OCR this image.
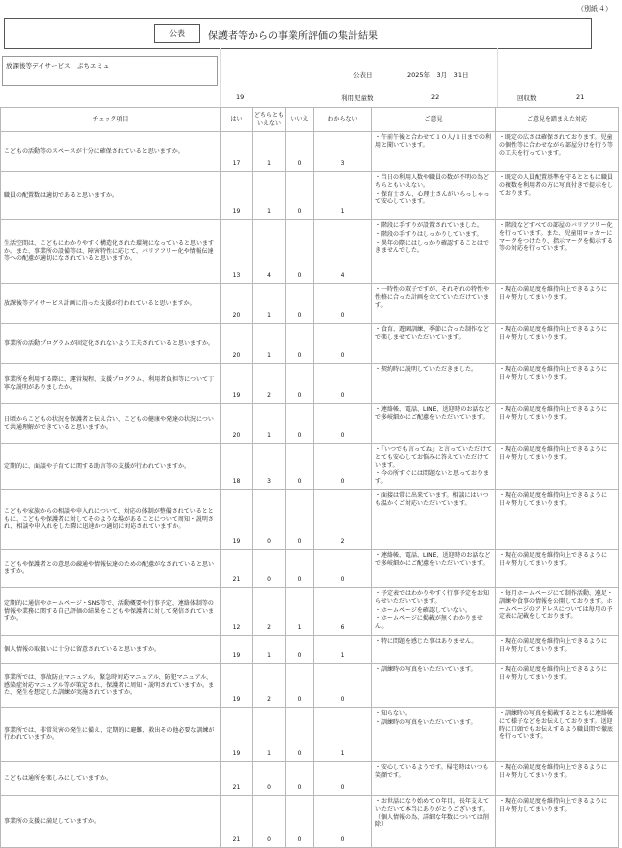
（別紙４）
公表	保護者等からの事業所評価の集計結果
放課後等デイサービス　ぷちエミュ
公表日	2025年　3月　31日
19	利用児童数	22	回収数	21
チェック項目	はい	どちらとも
いえない	いいえ	わからない	ご意見	ご意見を踏まえた対応
こどもの活動等のスペースが十分に確保されていると思いますか。	17	1	0	3	・午前午後と合わせて１０人/１日までの利用と聞いています。	・既定の広さは確保されております。児童の個性等に合わせながら部屋分けを行う等の工夫を行っています。

職員の配置数は適切であると思いますか。	19	1	0	1	・当日の利用人数や職員の数が不明の為どちらともいえない。
・保育士さん、心理士さんがいらっしゃって安心しています。	・既定の人員配置基準を守るとともに職員の複数を利用者の方に写真付きで提示をしております。

生活空間は、こどもにわかりやすく構造化された環境になっていると思いますか。また、事業所の設備等は、障害特性に応じて、バリアフリー化や情報伝達等への配慮が適切になされていると思いますか。	13	4	0	4	・階段に手すりが設置されていました。
・階段の手すりはしっかりしています。
・異年の際にはしっかり確認することはできませんでした。	・階段などすべての部屋のバリアフリー化を行っています。また、児童用ロッカーにマークをつけたり、指示マークを掲示する等の対応を行っています。

放課後等デイサービス計画に沿った支援が行われていると思いますか。	20	1	0	0	・一時性の双子ですが、それぞれの特性や性格に合った計画を立てていただけています。	・現在の満足度を維持向上できるように日々努力してまいります。

事業所の活動プログラムが固定化されないよう工夫されていると思いますか。	20	1	0	0	・食育、遊園訓練、季節に合った制作などで楽しませていただいています。	・現在の満足度を維持向上できるように日々努力してまいります。

事業所を利用する際に、運営規程、支援プログラム、利用者負担等について丁寧な説明がありましたか。	19	2	0	0	・契約時に説明していただきました。	・現在の満足度を維持向上できるように日々努力してまいります。

日頃からこどもの状況を保護者と伝え合い、こどもの健康や発達の状況について共通理解ができていると思いますか。	20	1	0	0	・連絡帳、電話、LINE、送迎時のお話などで多岐細かにご配慮をいただいています。	・現在の満足度を維持向上できるように日々努力してまいります。

定期的に、面談や子育てに関する助言等の支援が行われていますか。	18	3	0	0	・「いつでも言ってね」と言っていただけてとても安心してお悩みに答えていただけています。
・今の所すぐには問題ないと思っております。	・現在の満足度を維持向上できるように日々努力してまいります。

こどもや家族からの相談や申入れについて、対応の体制が整備されているとともに、こどもや保護者に対してそのような場があることについて周知・説明され、相談や申入れをした際に迅速かつ適切に対応されていますか。	19	0	0	2	・面接は常に出来ています。相談にはいつも温かくご対応いただいています。	・現在の満足度を維持向上できるように日々努力してまいります。

こどもや保護者との意思の疎通や情報伝達のための配慮がなされていると思いますか。	21	0	0	0	・連絡帳、電話、LINE、送迎時のお話などで多岐細かにご配慮をいただいています。	・現在の満足度を維持向上できるように日々努力してまいります。

定期的に通信やホームページ・SNS等で、活動概要や行事予定、連絡体制等の情報や業務に関する自己評価の結果をこどもや保護者に対して発信されていますか。	12	2	1	6	・予定表ではわかりやすく行事予定をお知らせいただいています。
・ホームページを確認していない。
・ホームページに掲載が無くわかりません。	・毎月ホームページにて制作活動、遠足・訓練や食事の情報を公開しております。ホームページのアドレスについては毎月の予定表に記載をしております。

個人情報の取扱いに十分に留意されていると思いますか。	19	1	0	1	・特に問題を感じた事はありません。	・現在の満足度を維持向上できるように日々努力してまいります。

事業所では、事故防止マニュアル、緊急時対応マニュアル、防犯マニュアル、感染症対応マニュアル等が策定され、保護者に周知・説明されていますか。また、発生を想定した訓練が実施されていますか。	19	2	0	0	・訓練時の写真をいただいています。	・現在の満足度を維持向上できるように日々努力してまいります。

事業所では、非常災害の発生に備え、定期的に避難、救出その他必要な訓練が行われていますか。	19	1	0	1	・知らない。
・訓練時の写真をいただいています。	・訓練時の写真を掲載するとともに連絡帳にて様子などをお伝えしております。送迎時に口頭でもお伝えするよう職員間で徹底を行っています。

こどもは通所を楽しみにしていますか。	21	0	0	0	・安心しているようです。帰宅時はいつも笑顔です。	・現在の満足度を維持向上できるように日々努力してまいります。

事業所の支援に満足していますか。	21	0	0	0	・お世話になり始めて０年目。長年支えていただいて本当にありがとうございます。（個人情報の為、詳細な年数については削除）	・現在の満足度を維持向上できるように日々努力してまいります。
